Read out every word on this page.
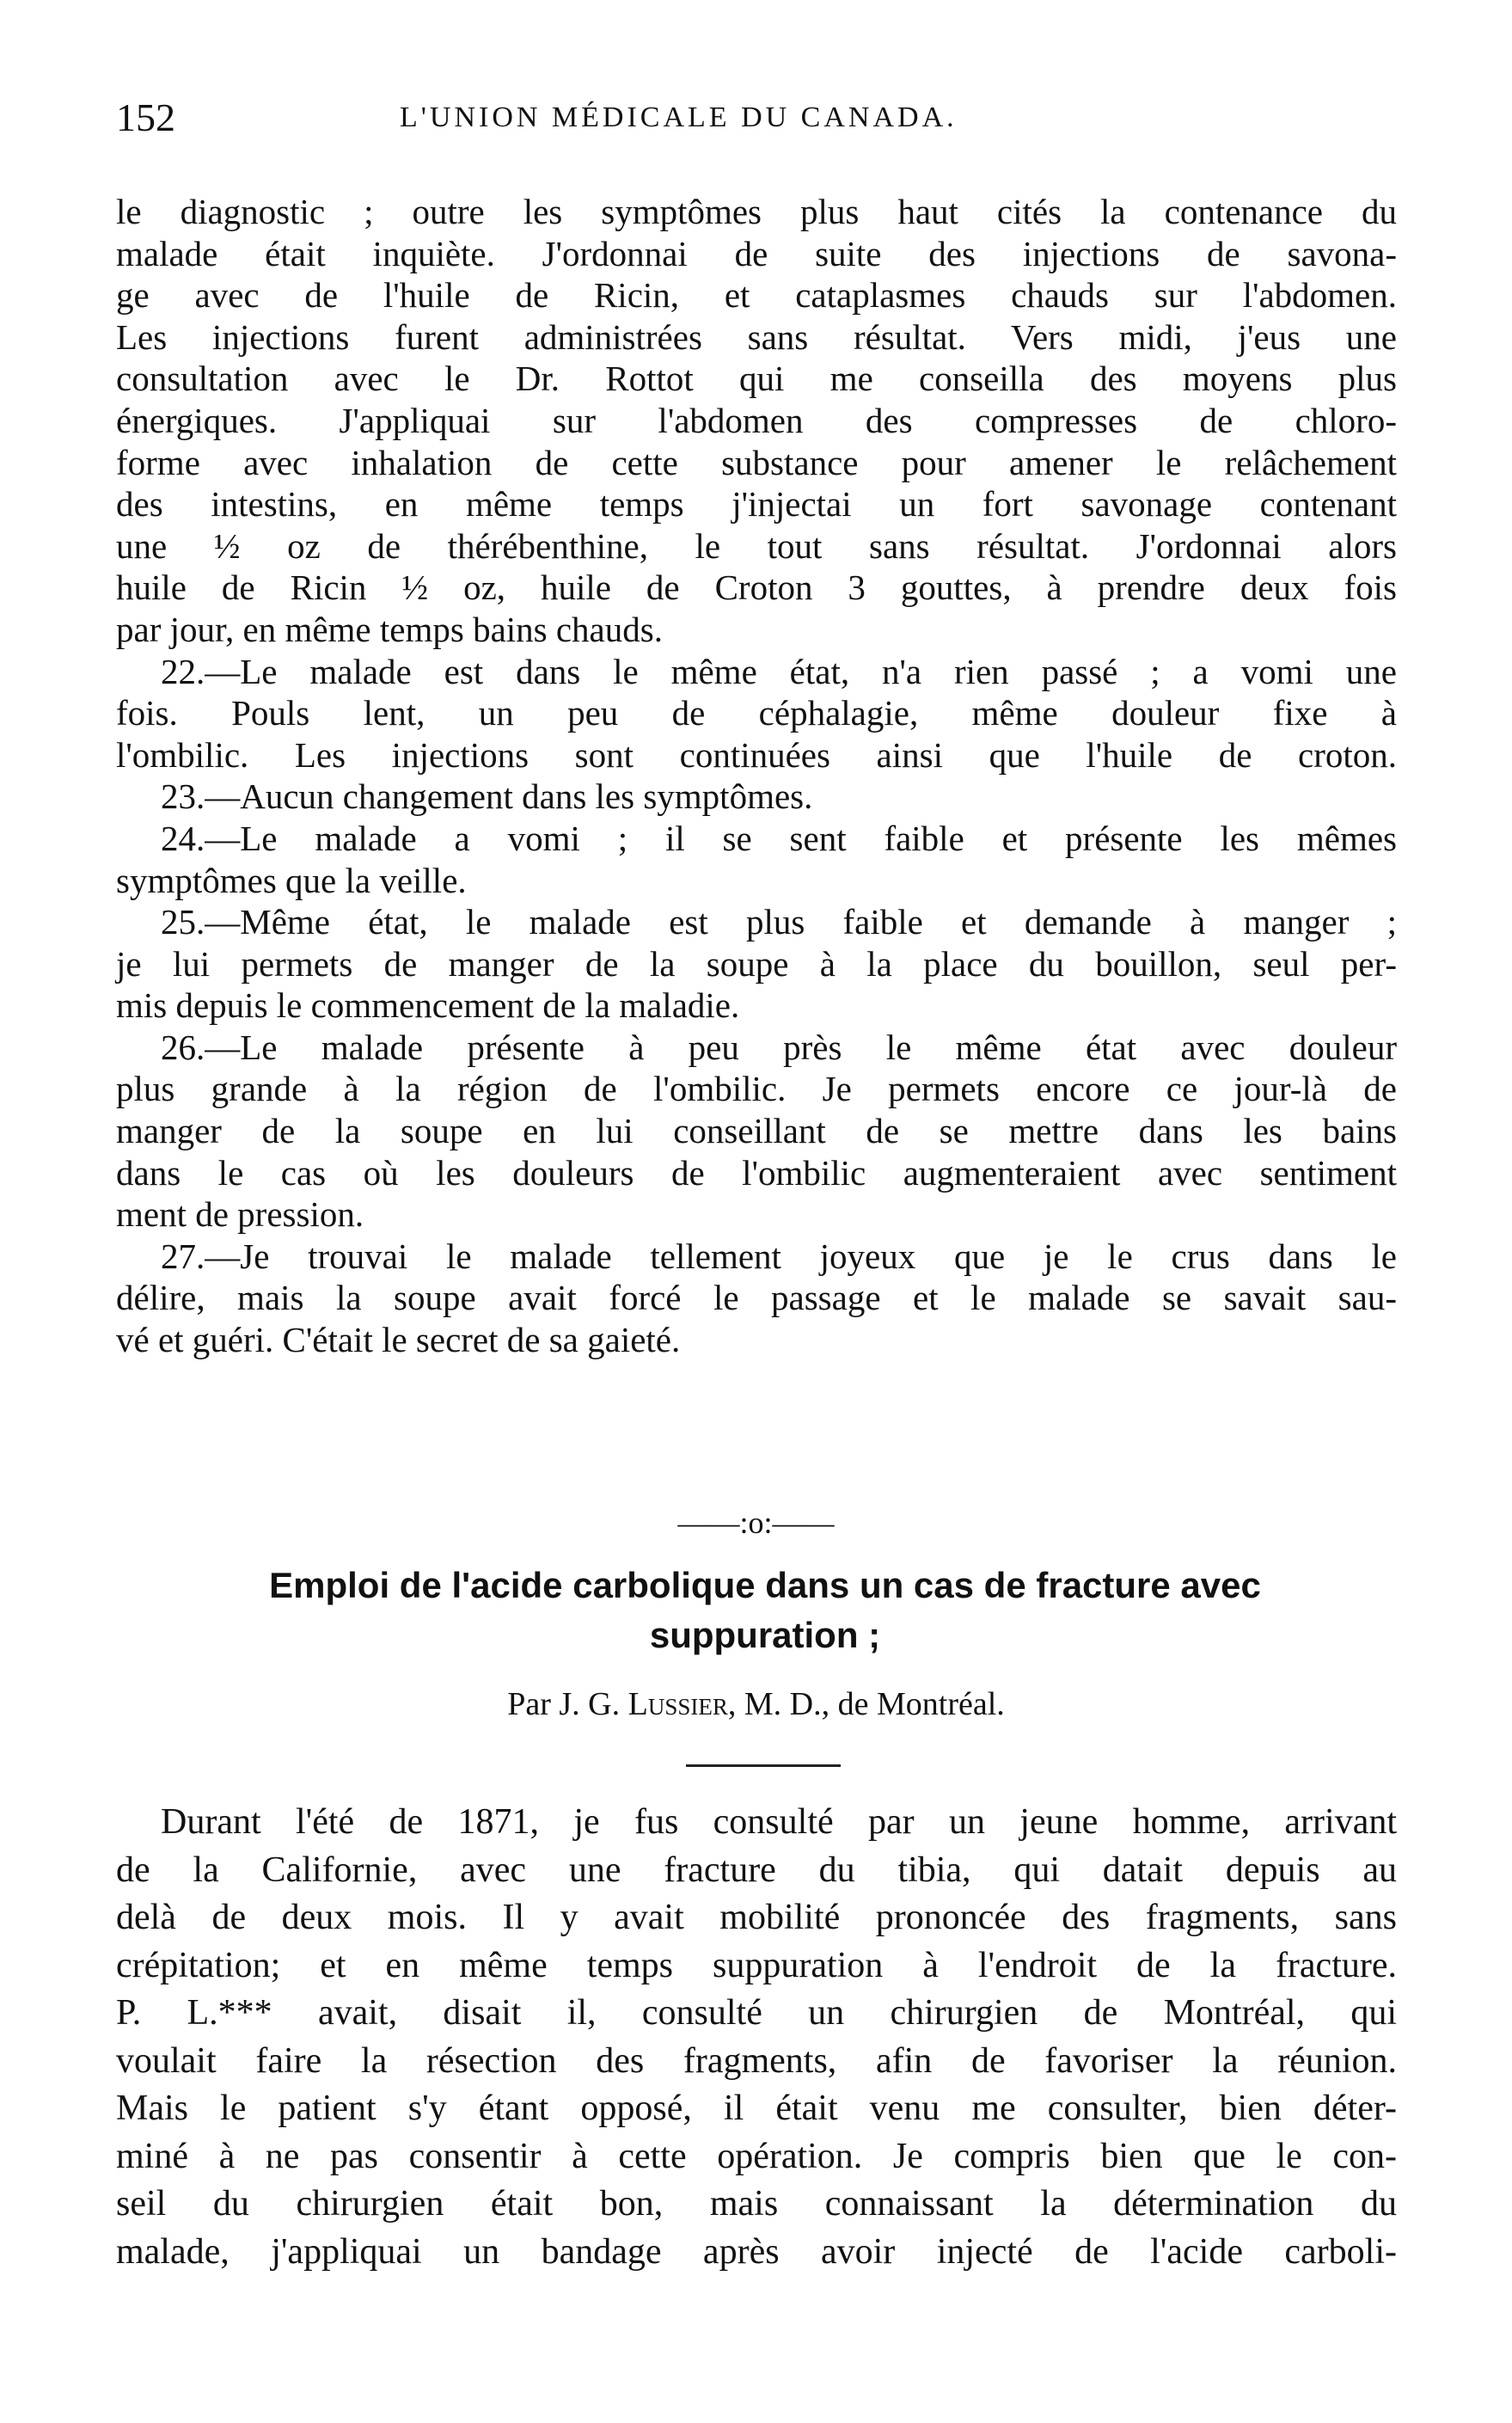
152	L'UNION MÉDICALE DU CANADA.
le diagnostic ; outre les symptômes plus haut cités la contenance du
malade était inquiète. J'ordonnai de suite des injections de savona-
ge avec de l'huile de Ricin, et cataplasmes chauds sur l'abdomen.
Les injections furent administrées sans résultat. Vers midi, j'eus une
consultation avec le Dr. Rottot qui me conseilla des moyens plus
énergiques. J'appliquai sur l'abdomen des compresses de chloro-
forme avec inhalation de cette substance pour amener le relâchement
des intestins, en même temps j'injectai un fort savonage contenant
une ½ oz de thérébenthine, le tout sans résultat. J'ordonnai alors
huile de Ricin ½ oz, huile de Croton 3 gouttes, à prendre deux fois
par jour, en même temps bains chauds.
22.—Le malade est dans le même état, n'a rien passé ; a vomi une
fois. Pouls lent, un peu de céphalagie, même douleur fixe à
l'ombilic. Les injections sont continuées ainsi que l'huile de croton.
23.—Aucun changement dans les symptômes.
24.—Le malade a vomi ; il se sent faible et présente les mêmes
symptômes que la veille.
25.—Même état, le malade est plus faible et demande à manger ;
je lui permets de manger de la soupe à la place du bouillon, seul per-
mis depuis le commencement de la maladie.
26.—Le malade présente à peu près le même état avec douleur
plus grande à la région de l'ombilic. Je permets encore ce jour-là de
manger de la soupe en lui conseillant de se mettre dans les bains
dans le cas où les douleurs de l'ombilic augmenteraient avec sentiment
ment de pression.
27.—Je trouvai le malade tellement joyeux que je le crus dans le
délire, mais la soupe avait forcé le passage et le malade se savait sau-
vé et guéri. C'était le secret de sa gaieté.
——:o:——
Emploi de l'acide carbolique dans un cas de fracture avec
suppuration ;
Par J. G. Lussier, M. D., de Montréal.
Durant l'été de 1871, je fus consulté par un jeune homme, arrivant
de la Californie, avec une fracture du tibia, qui datait depuis au
delà de deux mois. Il y avait mobilité prononcée des fragments, sans
crépitation; et en même temps suppuration à l'endroit de la fracture.
P. L.*** avait, disait il, consulté un chirurgien de Montréal, qui
voulait faire la résection des fragments, afin de favoriser la réunion.
Mais le patient s'y étant opposé, il était venu me consulter, bien déter-
miné à ne pas consentir à cette opération. Je compris bien que le con-
seil du chirurgien était bon, mais connaissant la détermination du
malade, j'appliquai un bandage après avoir injecté de l'acide carboli-
